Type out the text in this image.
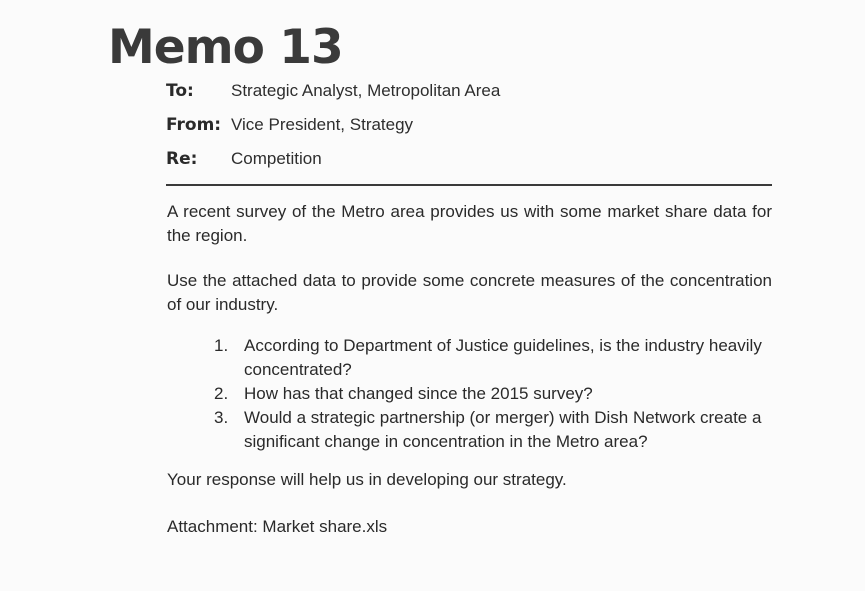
Memo 13
To: Strategic Analyst, Metropolitan Area
From: Vice President, Strategy
Re: Competition

A recent survey of the Metro area provides us with some market share data for the region.

Use the attached data to provide some concrete measures of the concentration of our industry.

1. According to Department of Justice guidelines, is the industry heavily concentrated?
2. How has that changed since the 2015 survey?
3. Would a strategic partnership (or merger) with Dish Network create a significant change in concentration in the Metro area?

Your response will help us in developing our strategy.

Attachment: Market share.xls
